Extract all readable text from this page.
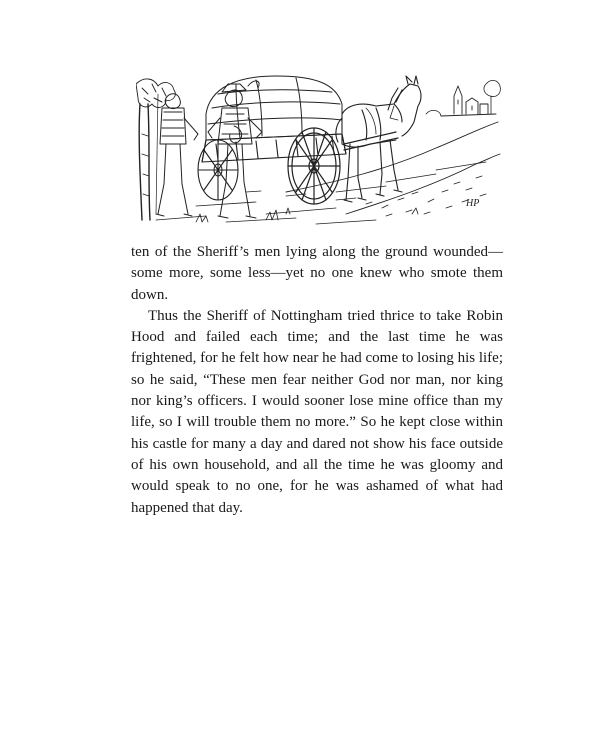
HP

ten of the Sheriff’s men lying along the ground wounded—some more, some less—yet no one knew who smote them down.

Thus the Sheriff of Nottingham tried thrice to take Robin Hood and failed each time; and the last time he was frightened, for he felt how near he had come to losing his life; so he said, “These men fear neither God nor man, nor king nor king’s officers. I would sooner lose mine office than my life, so I will trouble them no more.” So he kept close within his castle for many a day and dared not show his face outside of his own household, and all the time he was gloomy and would speak to no one, for he was ashamed of what had happened that day.
